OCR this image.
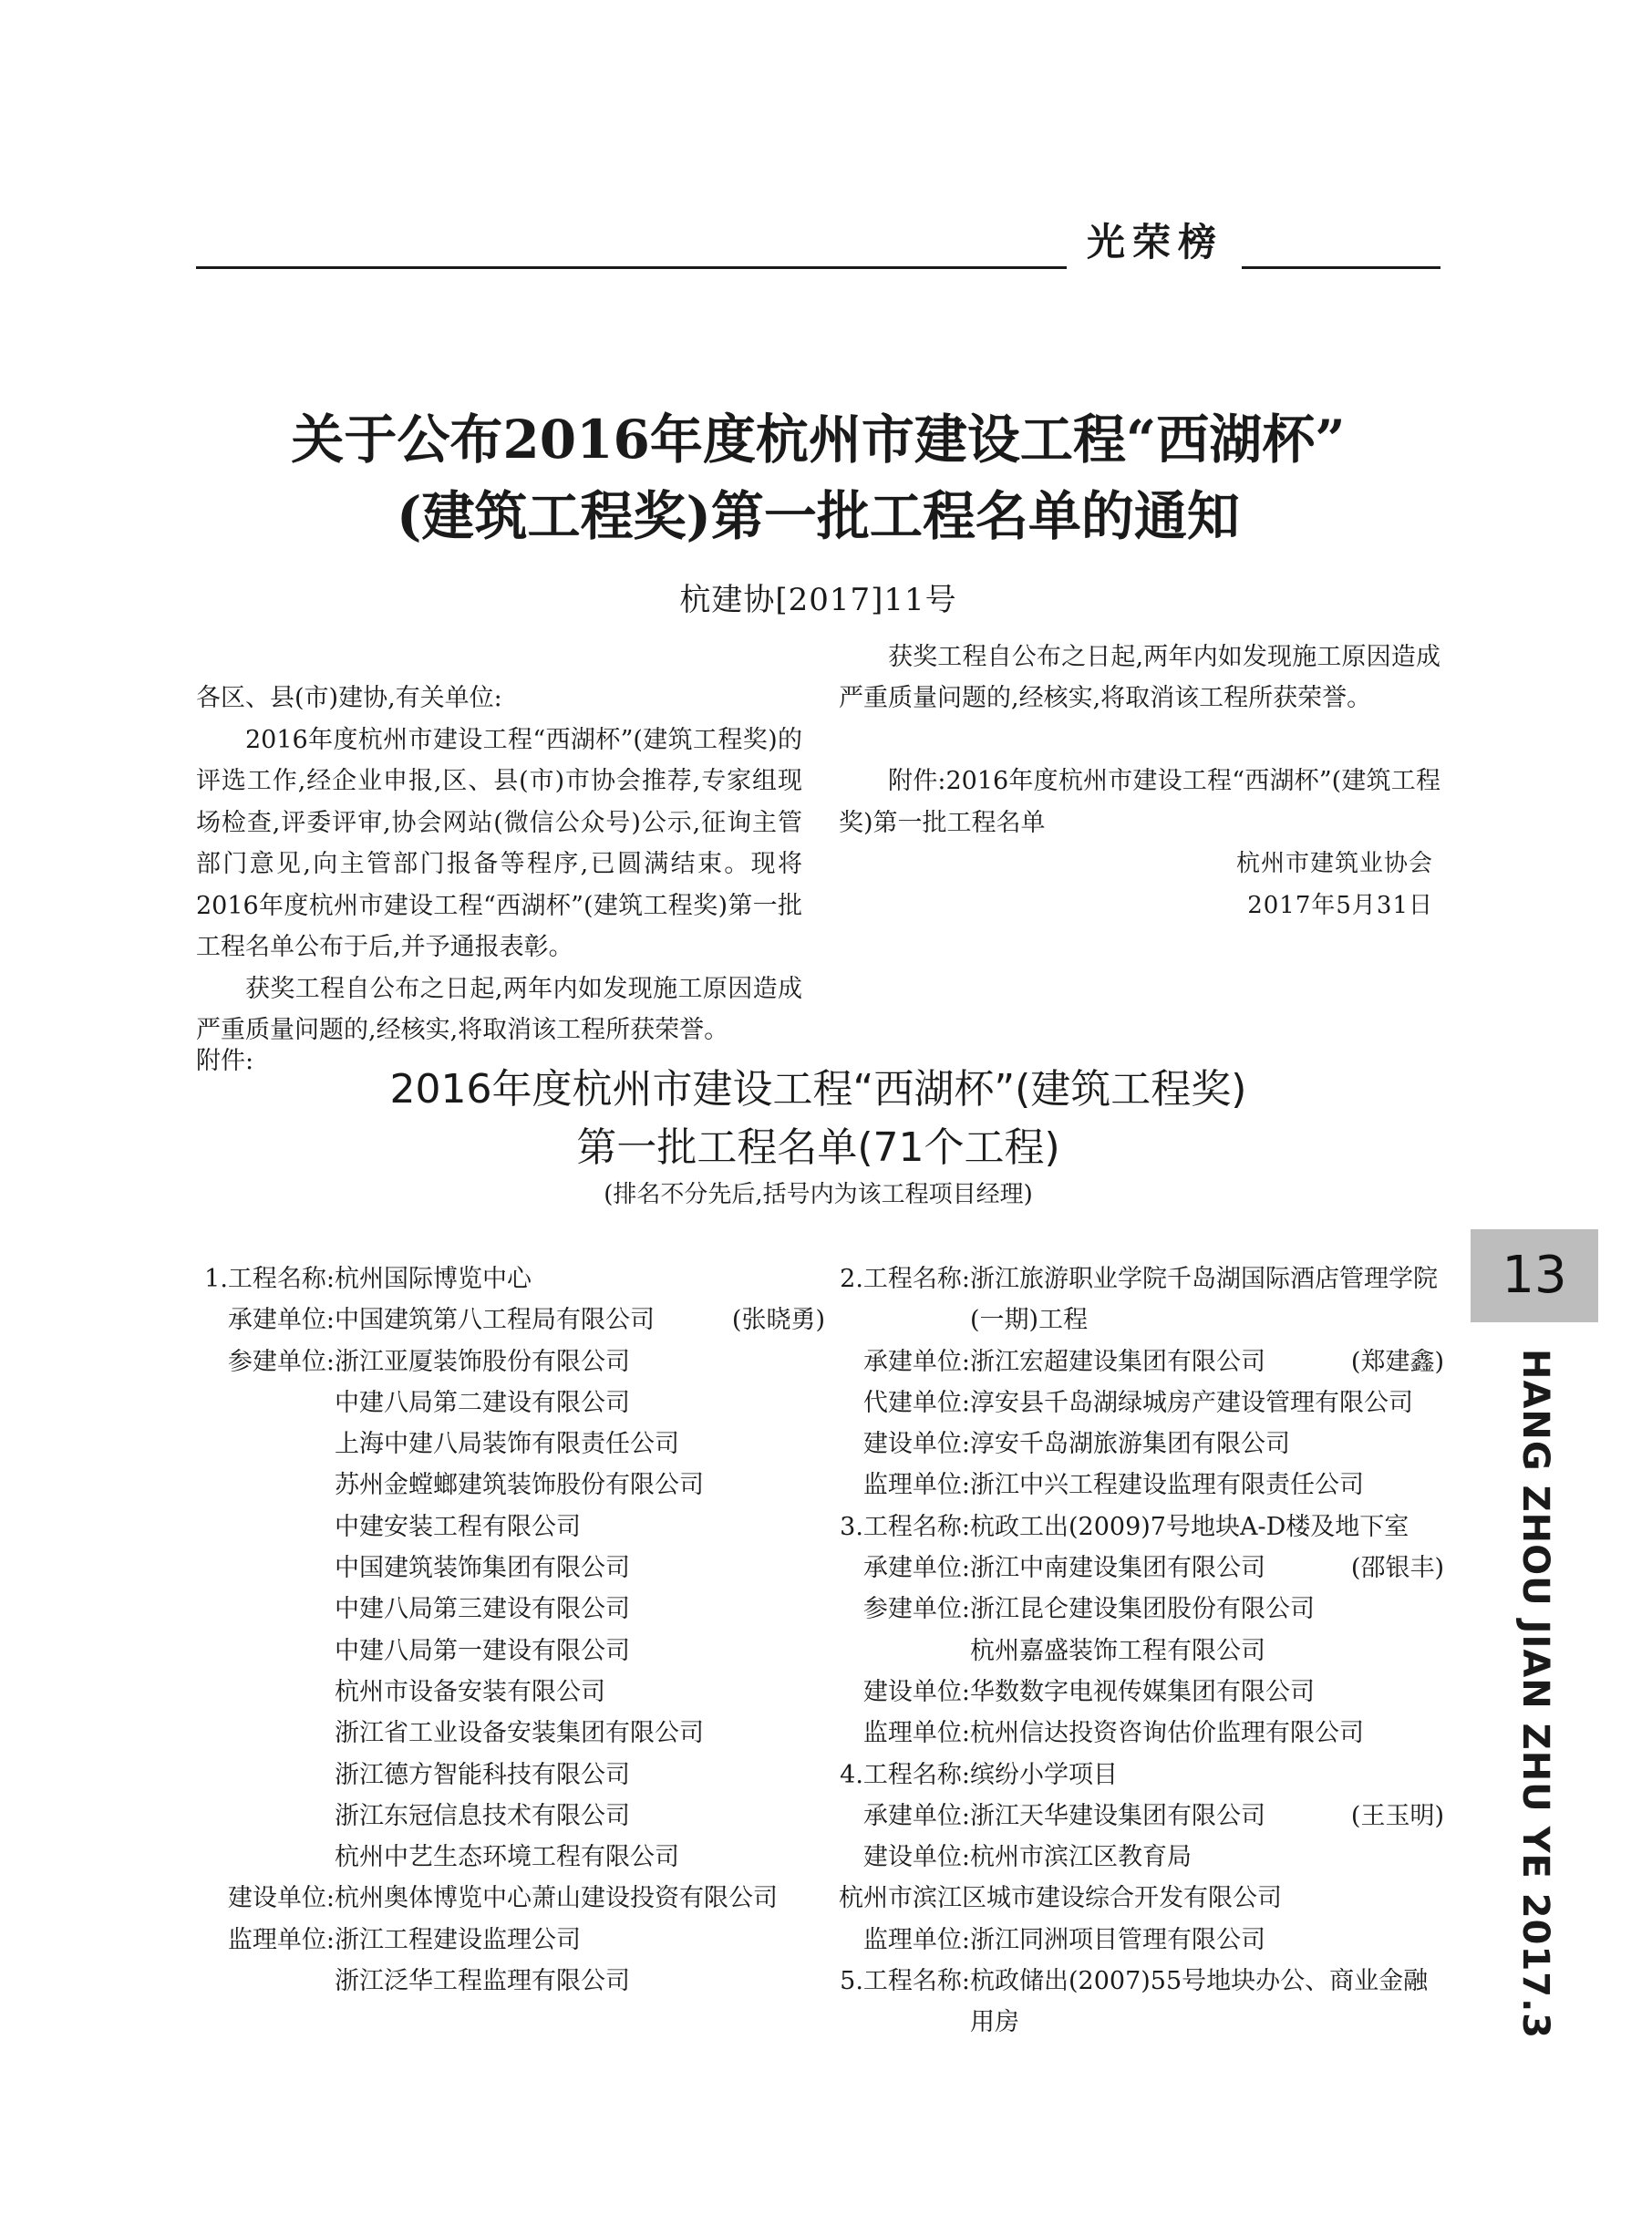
光荣榜
关于公布2016年度杭州市建设工程“西湖杯”
(建筑工程奖)第一批工程名单的通知
杭建协[2017]11号

各区、县(市)建协,有关单位:

2016年度杭州市建设工程“西湖杯”(建筑工程奖)的评选工作,经企业申报,区、县(市)市协会推荐,专家组现场检查,评委评审,协会网站(微信公众号)公示,征询主管部门意见,向主管部门报备等程序,已圆满结束。现将2016年度杭州市建设工程“西湖杯”(建筑工程奖)第一批工程名单公布于后,并予通报表彰。

获奖工程自公布之日起,两年内如发现施工原因造成严重质量问题的,经核实,将取消该工程所获荣誉。

获奖工程自公布之日起,两年内如发现施工原因造成严重质量问题的,经核实,将取消该工程所获荣誉。

附件:2016年度杭州市建设工程“西湖杯”(建筑工程奖)第一批工程名单

杭州市建筑业协会

2017年5月31日

附件:
2016年度杭州市建设工程“西湖杯”(建筑工程奖)
第一批工程名单(71个工程)
(排名不分先后,括号内为该工程项目经理)
1.工程名称: 杭州国际博览中心
承建单位: 中国建筑第八工程局有限公司	(张晓勇)
参建单位: 浙江亚厦装饰股份有限公司
中建八局第二建设有限公司
上海中建八局装饰有限责任公司
苏州金螳螂建筑装饰股份有限公司
中建安装工程有限公司
中国建筑装饰集团有限公司
中建八局第三建设有限公司
中建八局第一建设有限公司
杭州市设备安装有限公司
浙江省工业设备安装集团有限公司
浙江德方智能科技有限公司
浙江东冠信息技术有限公司
杭州中艺生态环境工程有限公司
建设单位: 杭州奥体博览中心萧山建设投资有限公司
监理单位: 浙江工程建设监理公司
浙江泛华工程监理有限公司
2.工程名称: 浙江旅游职业学院千岛湖国际酒店管理学院(一期)工程
承建单位: 浙江宏超建设集团有限公司	(郑建鑫)
代建单位: 淳安县千岛湖绿城房产建设管理有限公司
建设单位: 淳安千岛湖旅游集团有限公司
监理单位: 浙江中兴工程建设监理有限责任公司
3.工程名称: 杭政工出(2009)7号地块A-D楼及地下室
承建单位: 浙江中南建设集团有限公司	(邵银丰)
参建单位: 浙江昆仑建设集团股份有限公司
杭州嘉盛装饰工程有限公司
建设单位: 华数数字电视传媒集团有限公司
监理单位: 杭州信达投资咨询估价监理有限公司
4.工程名称: 缤纷小学项目
承建单位: 浙江天华建设集团有限公司	(王玉明)
建设单位: 杭州市滨江区教育局
杭州市滨江区城市建设综合开发有限公司
监理单位: 浙江同洲项目管理有限公司
5.工程名称: 杭政储出(2007)55号地块办公、商业金融用房
13
HANG ZHOU JIAN ZHU YE 2017.3
